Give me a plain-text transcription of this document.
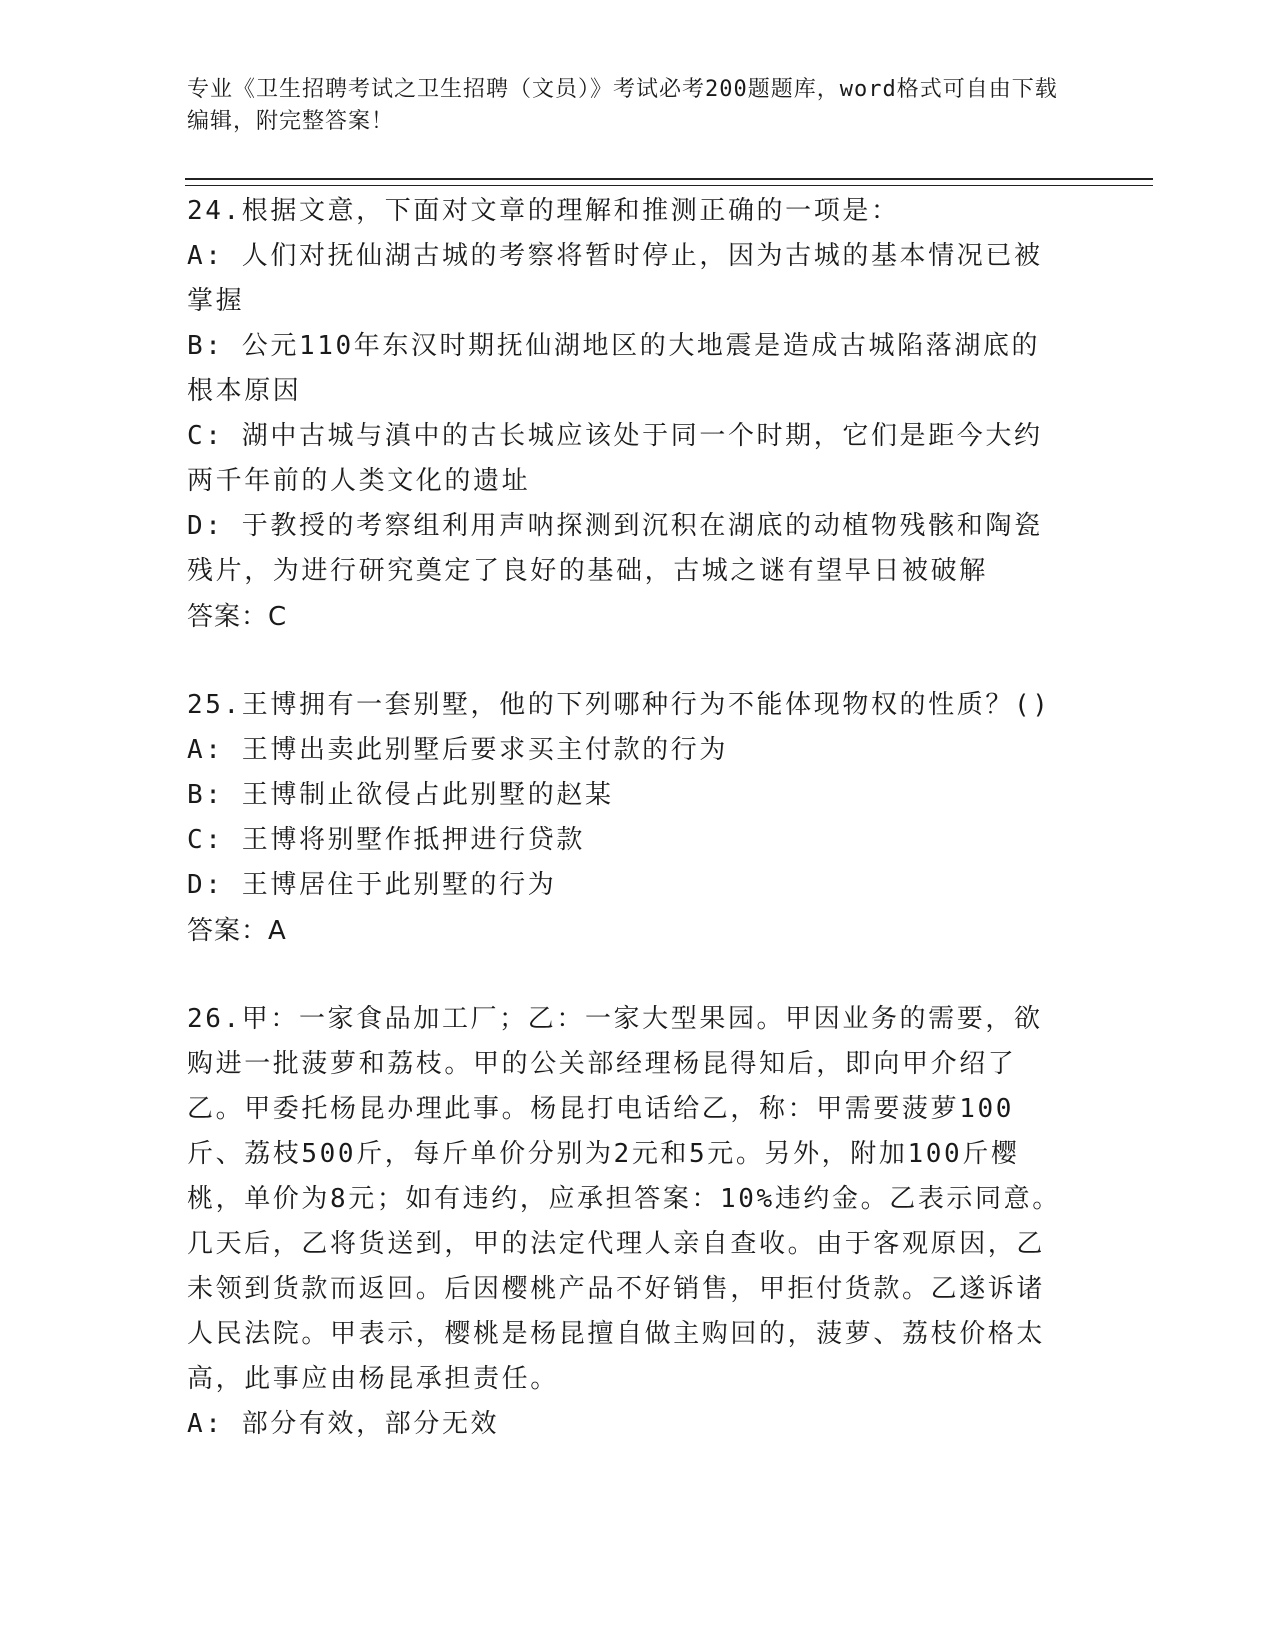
专业《卫生招聘考试之卫生招聘（文员）》考试必考200题题库，word格式可自由下载编辑，附完整答案！
24.根据文意，下面对文章的理解和推测正确的一项是：
A: 人们对抚仙湖古城的考察将暂时停止，因为古城的基本情况已被掌握
B: 公元110年东汉时期抚仙湖地区的大地震是造成古城陷落湖底的根本原因
C: 湖中古城与滇中的古长城应该处于同一个时期，它们是距今大约两千年前的人类文化的遗址
D: 于教授的考察组利用声呐探测到沉积在湖底的动植物残骸和陶瓷残片，为进行研究奠定了良好的基础，古城之谜有望早日被破解
答案：C
25.王博拥有一套别墅，他的下列哪种行为不能体现物权的性质？()
A: 王博出卖此别墅后要求买主付款的行为
B: 王博制止欲侵占此别墅的赵某
C: 王博将别墅作抵押进行贷款
D: 王博居住于此别墅的行为
答案：A
26.甲：一家食品加工厂；乙：一家大型果园。甲因业务的需要，欲购进一批菠萝和荔枝。甲的公关部经理杨昆得知后，即向甲介绍了乙。甲委托杨昆办理此事。杨昆打电话给乙，称：甲需要菠萝100斤、荔枝500斤，每斤单价分别为2元和5元。另外，附加100斤樱桃，单价为8元；如有违约，应承担答案：10%违约金。乙表示同意。几天后，乙将货送到，甲的法定代理人亲自查收。由于客观原因，乙未领到货款而返回。后因樱桃产品不好销售，甲拒付货款。乙遂诉诸人民法院。甲表示，樱桃是杨昆擅自做主购回的，菠萝、荔枝价格太高，此事应由杨昆承担责任。
A: 部分有效，部分无效
